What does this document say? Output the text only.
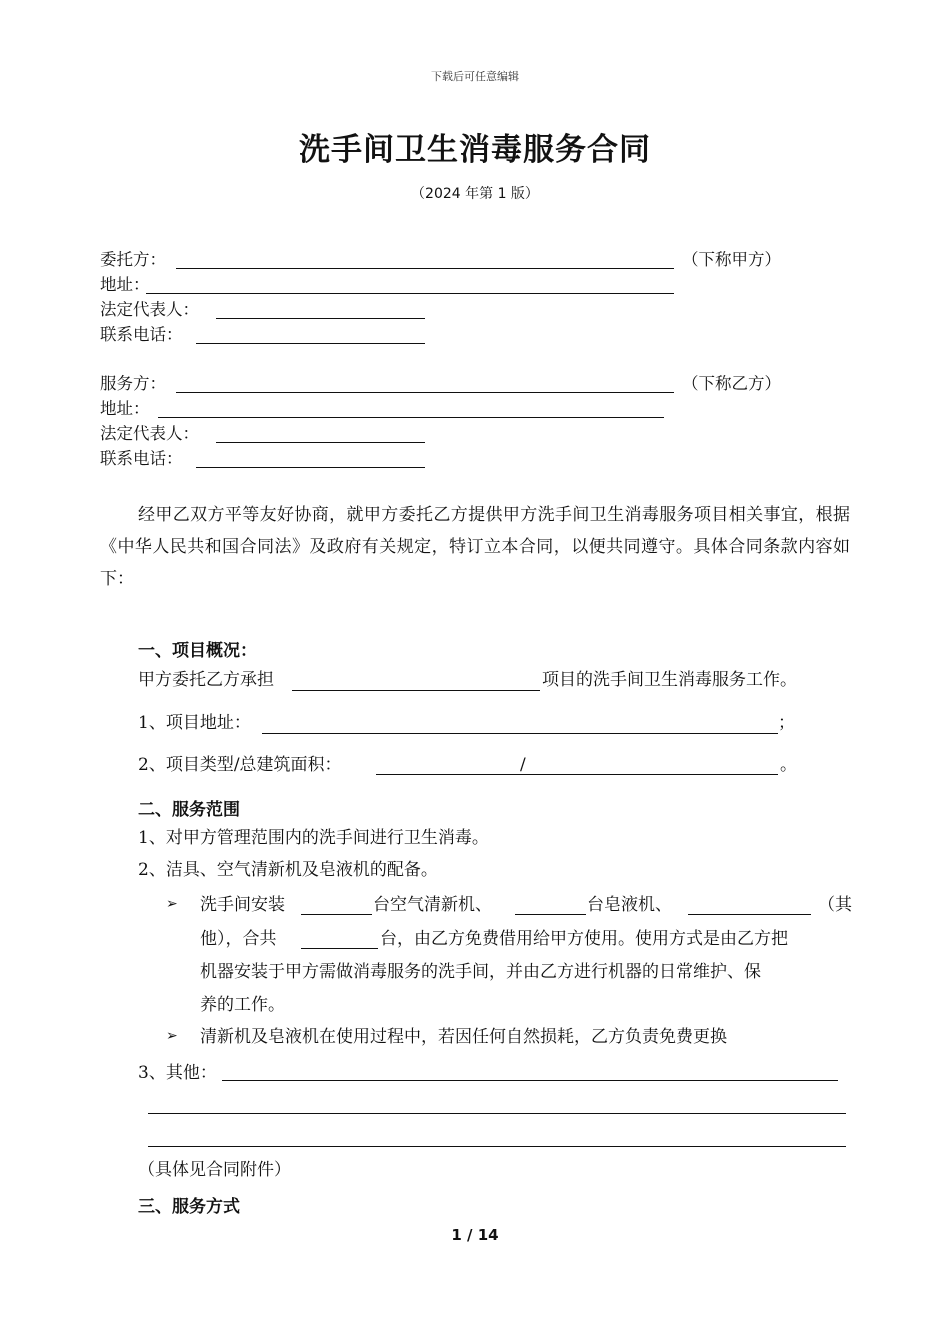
下载后可任意编辑
洗手间卫生消毒服务合同
（2024 年第 1 版）
委托方：	（下称甲方）
地址：
法定代表人：
联系电话：
服务方：	（下称乙方）
地址：
法定代表人：
联系电话：
经甲乙双方平等友好协商，就甲方委托乙方提供甲方洗手间卫生消毒服务项目相关事宜，根据《中华人民共和国合同法》及政府有关规定，特订立本合同，以便共同遵守。具体合同条款内容如下：
一、项目概况：
甲方委托乙方承担	项目的洗手间卫生消毒服务工作。
1、项目地址：	；
2、项目类型/总建筑面积：	/	。
二、服务范围
1、对甲方管理范围内的洗手间进行卫生消毒。
2、洁具、空气清新机及皂液机的配备。
➢ 洗手间安装	台空气清新机、	台皂液机、	（其
他），合共	台，由乙方免费借用给甲方使用。使用方式是由乙方把
机器安装于甲方需做消毒服务的洗手间，并由乙方进行机器的日常维护、保
养的工作。
➢ 清新机及皂液机在使用过程中，若因任何自然损耗，乙方负责免费更换
3、其他：
（具体见合同附件）
三、服务方式
1 / 14
